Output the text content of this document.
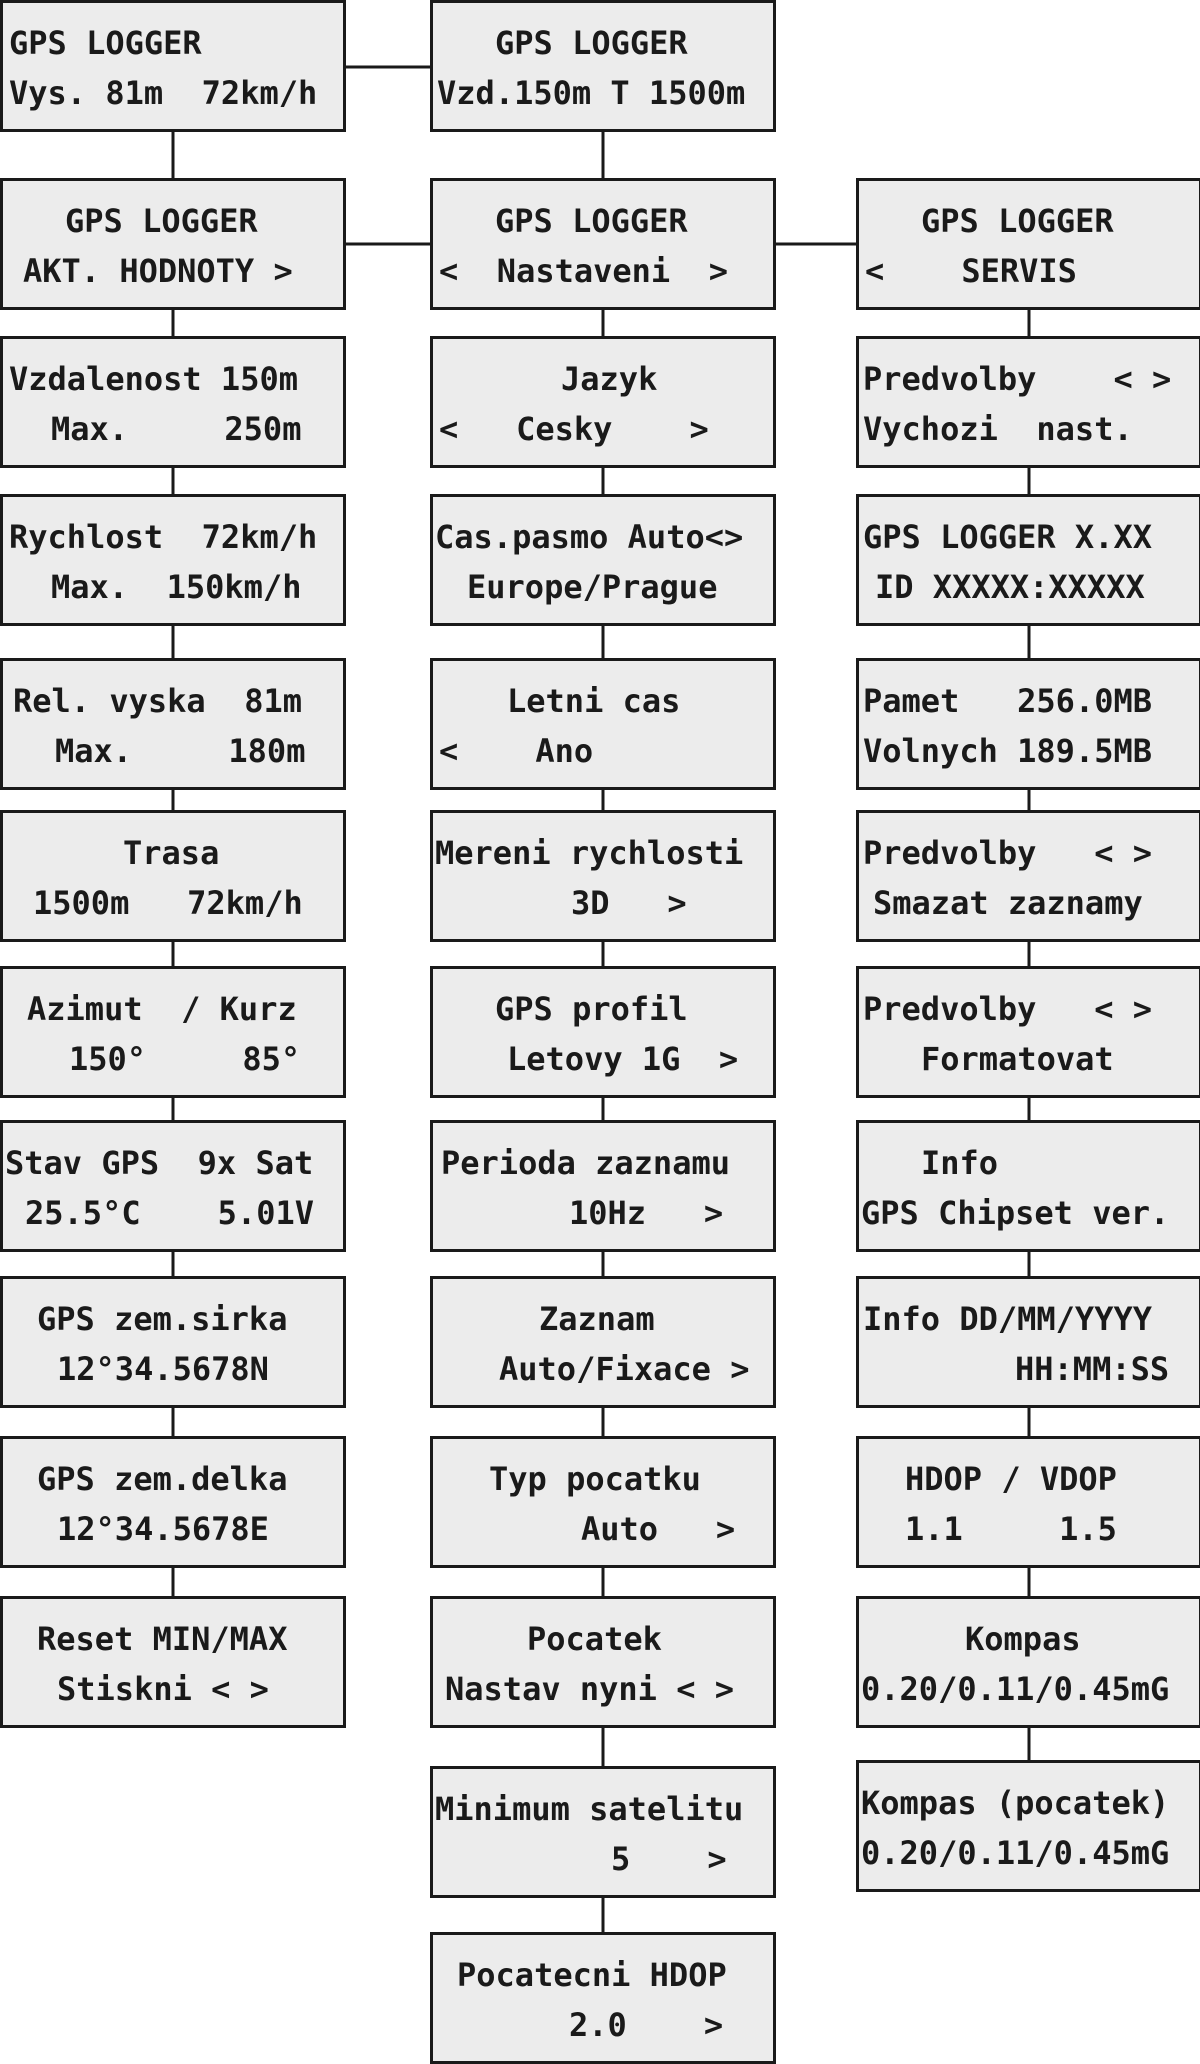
GPS LOGGER
Vys. 81m  72km/h
GPS LOGGER
AKT. HODNOTY >
Vzdalenost 150m
Max.     250m
Rychlost  72km/h
Max.  150km/h
Rel. vyska  81m
Max.     180m
Trasa
1500m   72km/h
Azimut  / Kurz
150°     85°
Stav GPS  9x Sat
25.5°C    5.01V
GPS zem.sirka
12°34.5678N
GPS zem.delka
12°34.5678E
Reset MIN/MAX
Stiskni < >
GPS LOGGER
Vzd.150m T 1500m
GPS LOGGER
<  Nastaveni  >
Jazyk
<   Cesky    >
Cas.pasmo Auto<>
Europe/Prague
Letni cas
<    Ano
Mereni rychlosti
3D   >
GPS profil
Letovy 1G  >
Perioda zaznamu
10Hz   >
Zaznam
Auto/Fixace >
Typ pocatku
Auto   >
Pocatek
Nastav nyni < >
Minimum satelitu
5    >
Pocatecni HDOP
2.0    >
GPS LOGGER
<    SERVIS
Predvolby    < >
Vychozi  nast.
GPS LOGGER X.XX
ID XXXXX:XXXXX
Pamet   256.0MB
Volnych 189.5MB
Predvolby   < >
Smazat zaznamy
Predvolby   < >
Formatovat
Info
GPS Chipset ver.
Info DD/MM/YYYY
HH:MM:SS
HDOP / VDOP
1.1     1.5
Kompas
0.20/0.11/0.45mG
Kompas (pocatek)
0.20/0.11/0.45mG
